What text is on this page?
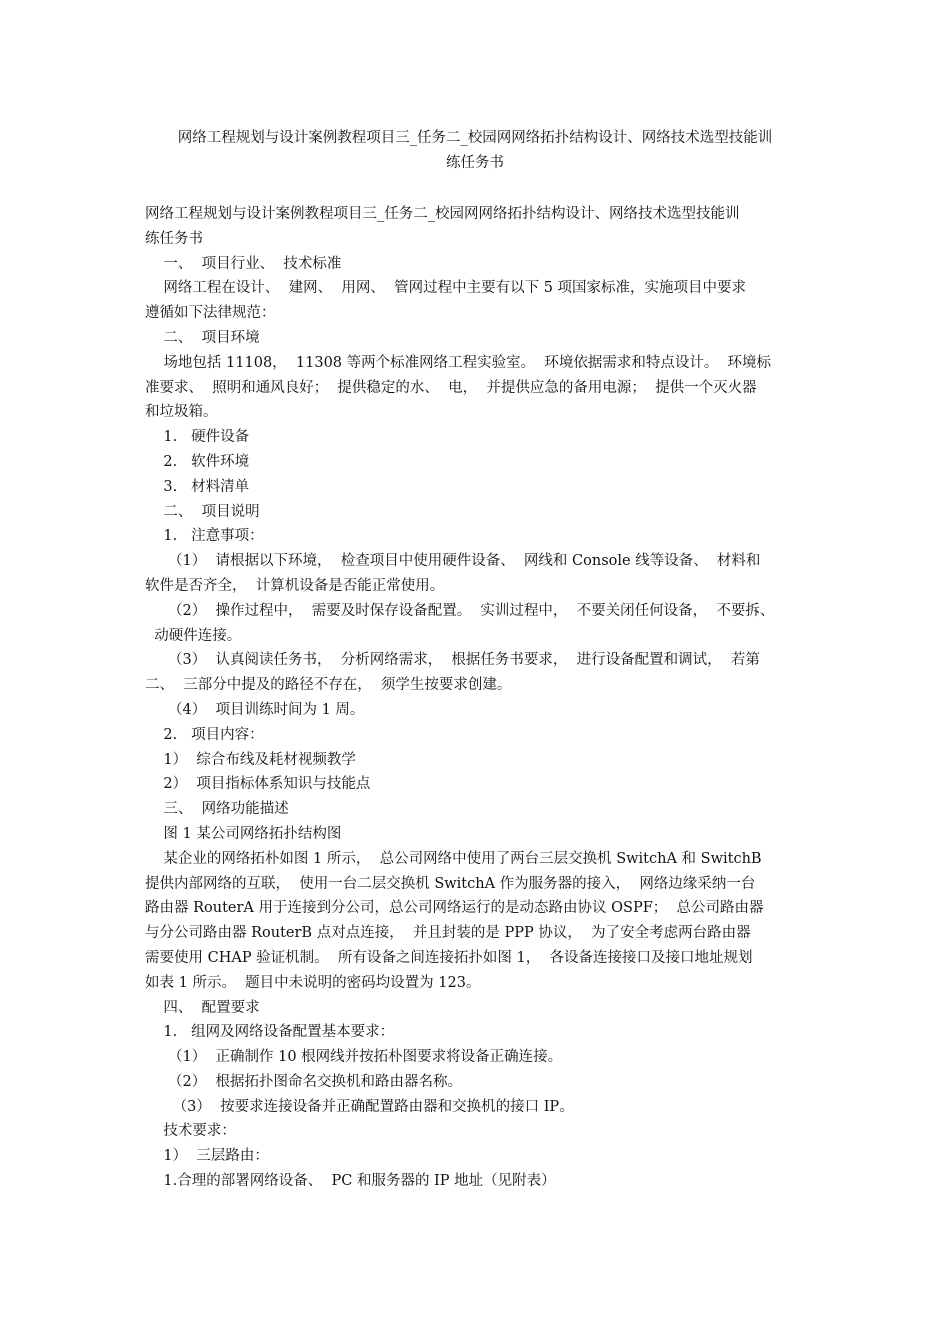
网络工程规划与设计案例教程项目三_任务二_校园网网络拓扑结构设计、网络技术选型技能训
练任务书

网络工程规划与设计案例教程项目三_任务二_校园网网络拓扑结构设计、网络技术选型技能训

练任务书

一、  项目行业、  技术标准

网络工程在设计、  建网、  用网、  管网过程中主要有以下 5 项国家标准，实施项目中要求

遵循如下法律规范：

二、  项目环境

场地包括 11108，  11308 等两个标准网络工程实验室。  环境依据需求和特点设计。  环境标

准要求、  照明和通风良好；  提供稳定的水、  电，  并提供应急的备用电源；  提供一个灭火器

和垃圾箱。

1.   硬件设备

2.   软件环境

3.   材料清单

二、  项目说明

1.   注意事项：

（1）  请根据以下环境，  检查项目中使用硬件设备、  网线和 Console 线等设备、  材料和

软件是否齐全，  计算机设备是否能正常使用。

（2）  操作过程中，  需要及时保存设备配置。  实训过程中，  不要关闭任何设备，  不要拆、

动硬件连接。

（3）  认真阅读任务书，  分析网络需求，  根据任务书要求，  进行设备配置和调试，  若第

二、  三部分中提及的路径不存在，  须学生按要求创建。

（4）  项目训练时间为 1 周。

2.   项目内容：

1）  综合布线及耗材视频教学

2）  项目指标体系知识与技能点

三、  网络功能描述

图 1 某公司网络拓扑结构图

某企业的网络拓朴如图 1 所示，  总公司网络中使用了两台三层交换机 SwitchA 和 SwitchB

提供内部网络的互联，  使用一台二层交换机 SwitchA 作为服务器的接入，  网络边缘采纳一台

路由器 RouterA 用于连接到分公司，总公司网络运行的是动态路由协议 OSPF；  总公司路由器

与分公司路由器 RouterB 点对点连接，  并且封装的是 PPP 协议，  为了安全考虑两台路由器

需要使用 CHAP 验证机制。  所有设备之间连接拓扑如图 1，  各设备连接接口及接口地址规划

如表 1 所示。  题目中未说明的密码均设置为 123。

四、  配置要求

1.   组网及网络设备配置基本要求：

（1）  正确制作 10 根网线并按拓朴图要求将设备正确连接。

（2）  根据拓扑图命名交换机和路由器名称。

（3）  按要求连接设备并正确配置路由器和交换机的接口 IP。

技术要求：

1）  三层路由：

1.合理的部署网络设备、  PC 和服务器的 IP 地址（见附表）
